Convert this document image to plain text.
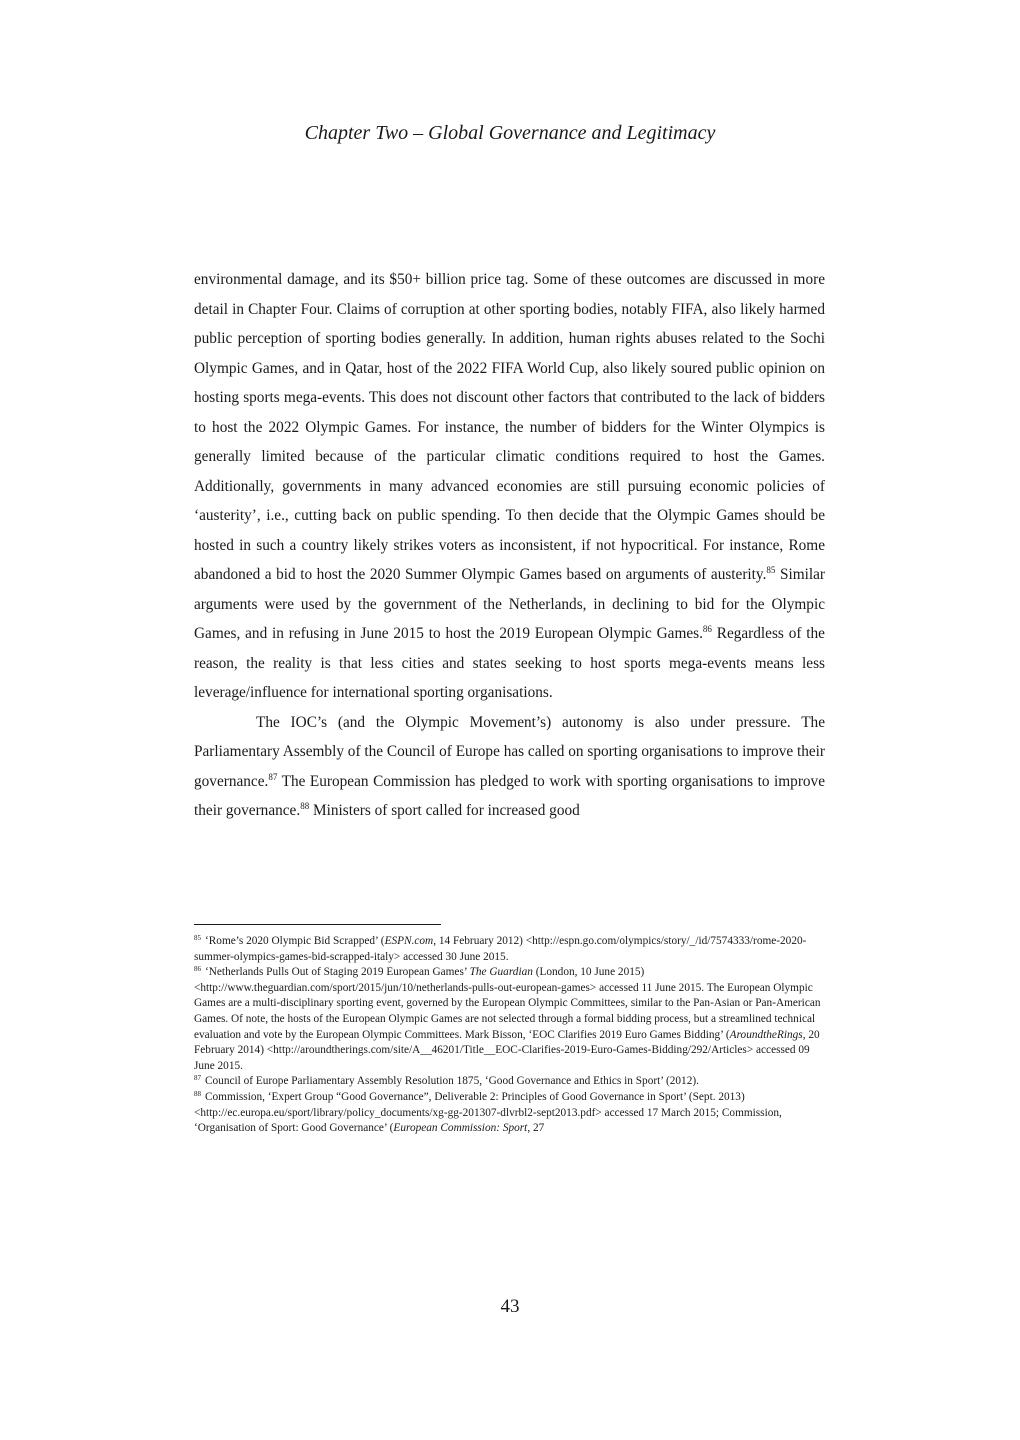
Chapter Two – Global Governance and Legitimacy

environmental damage, and its $50+ billion price tag. Some of these outcomes are discussed in more detail in Chapter Four. Claims of corruption at other sporting bodies, notably FIFA, also likely harmed public perception of sporting bodies generally. In addition, human rights abuses related to the Sochi Olympic Games, and in Qatar, host of the 2022 FIFA World Cup, also likely soured public opinion on hosting sports mega-events. This does not discount other factors that contributed to the lack of bidders to host the 2022 Olympic Games. For instance, the number of bidders for the Winter Olympics is generally limited because of the particular climatic conditions required to host the Games. Additionally, governments in many advanced economies are still pursuing economic policies of ‘austerity’, i.e., cutting back on public spending. To then decide that the Olympic Games should be hosted in such a country likely strikes voters as inconsistent, if not hypocritical. For instance, Rome abandoned a bid to host the 2020 Summer Olympic Games based on arguments of austerity.$^{85}$ Similar arguments were used by the government of the Netherlands, in declining to bid for the Olympic Games, and in refusing in June 2015 to host the 2019 European Olympic Games.$^{86}$ Regardless of the reason, the reality is that less cities and states seeking to host sports mega-events means less leverage/influence for international sporting organisations.

The IOC’s (and the Olympic Movement’s) autonomy is also under pressure. The Parliamentary Assembly of the Council of Europe has called on sporting organisations to improve their governance.$^{87}$ The European Commission has pledged to work with sporting organisations to improve their governance.$^{88}$ Ministers of sport called for increased good

$^{85}$ ‘Rome’s 2020 Olympic Bid Scrapped’ (ESPN.com, 14 February 2012) <http://espn.go.com/olympics/story/_/id/7574333/rome-2020-summer-olympics-games-bid-scrapped-italy> accessed 30 June 2015.

$^{86}$ ‘Netherlands Pulls Out of Staging 2019 European Games’ The Guardian (London, 10 June 2015) <http://www.theguardian.com/sport/2015/jun/10/netherlands-pulls-out-european-games> accessed 11 June 2015. The European Olympic Games are a multi-disciplinary sporting event, governed by the European Olympic Committees, similar to the Pan-Asian or Pan-American Games. Of note, the hosts of the European Olympic Games are not selected through a formal bidding process, but a streamlined technical evaluation and vote by the European Olympic Committees. Mark Bisson, ‘EOC Clarifies 2019 Euro Games Bidding’ (AroundtheRings, 20 February 2014) <http://aroundtherings.com/site/A__46201/Title__EOC-Clarifies-2019-Euro-Games-Bidding/292/Articles> accessed 09 June 2015.

$^{87}$ Council of Europe Parliamentary Assembly Resolution 1875, ‘Good Governance and Ethics in Sport’ (2012).

$^{88}$ Commission, ‘Expert Group “Good Governance”, Deliverable 2: Principles of Good Governance in Sport’ (Sept. 2013) <http://ec.europa.eu/sport/library/policy_documents/xg-gg-201307-dlvrbl2-sept2013.pdf> accessed 17 March 2015; Commission, ‘Organisation of Sport: Good Governance’ (European Commission: Sport, 27

43
